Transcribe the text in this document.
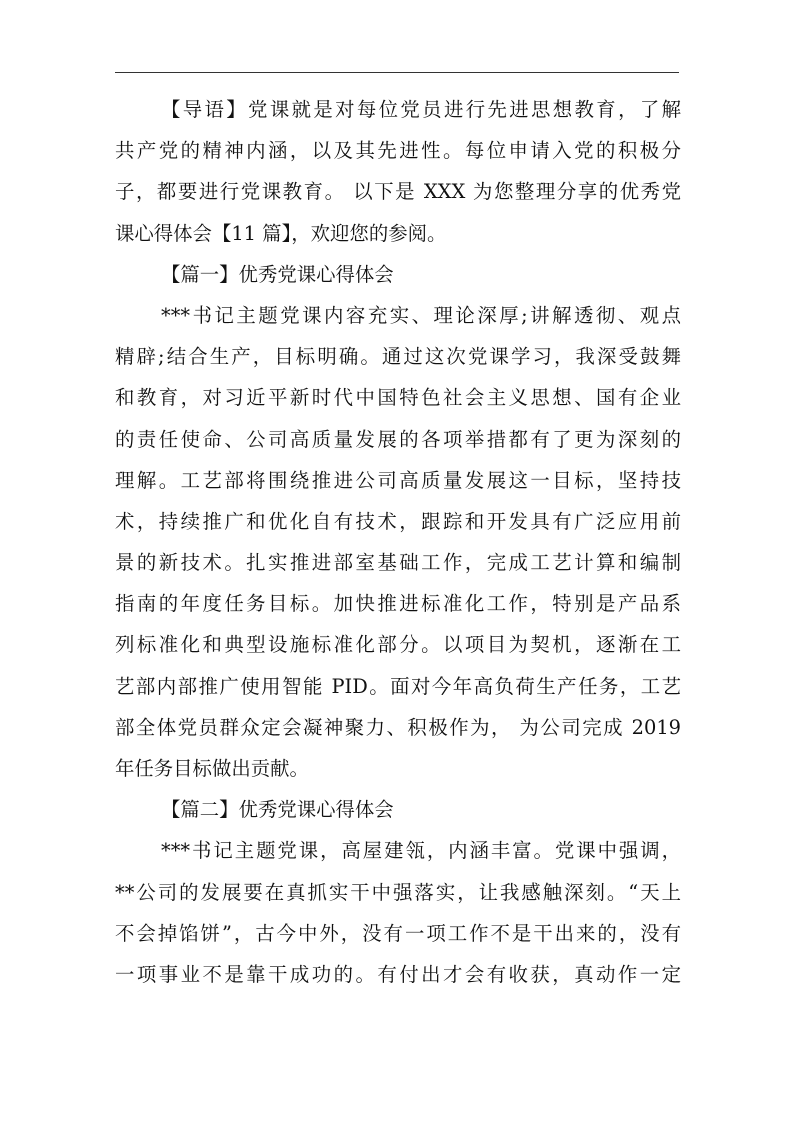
【导语】党课就是对每位党员进行先进思想教育，了解
共产党的精神内涵，以及其先进性。每位申请入党的积极分
子，都要进行党课教育。 以下是 XXX 为您整理分享的优秀党
课心得体会【11 篇】，欢迎您的参阅。
【篇一】优秀党课心得体会
***书记主题党课内容充实、理论深厚;讲解透彻、观点
精辟;结合生产，目标明确。通过这次党课学习，我深受鼓舞
和教育，对习近平新时代中国特色社会主义思想、国有企业
的责任使命、公司高质量发展的各项举措都有了更为深刻的
理解。工艺部将围绕推进公司高质量发展这一目标，坚持技
术，持续推广和优化自有技术，跟踪和开发具有广泛应用前
景的新技术。扎实推进部室基础工作，完成工艺计算和编制
指南的年度任务目标。加快推进标准化工作，特别是产品系
列标准化和典型设施标准化部分。以项目为契机，逐渐在工
艺部内部推广使用智能 PID。面对今年高负荷生产任务，工艺
部全体党员群众定会凝神聚力、积极作为， 为公司完成 2019
年任务目标做出贡献。
【篇二】优秀党课心得体会
***书记主题党课，高屋建瓴，内涵丰富。党课中强调，
**公司的发展要在真抓实干中强落实，让我感触深刻。“天上
不会掉馅饼”，古今中外，没有一项工作不是干出来的，没有
一项事业不是靠干成功的。有付出才会有收获，真动作一定
